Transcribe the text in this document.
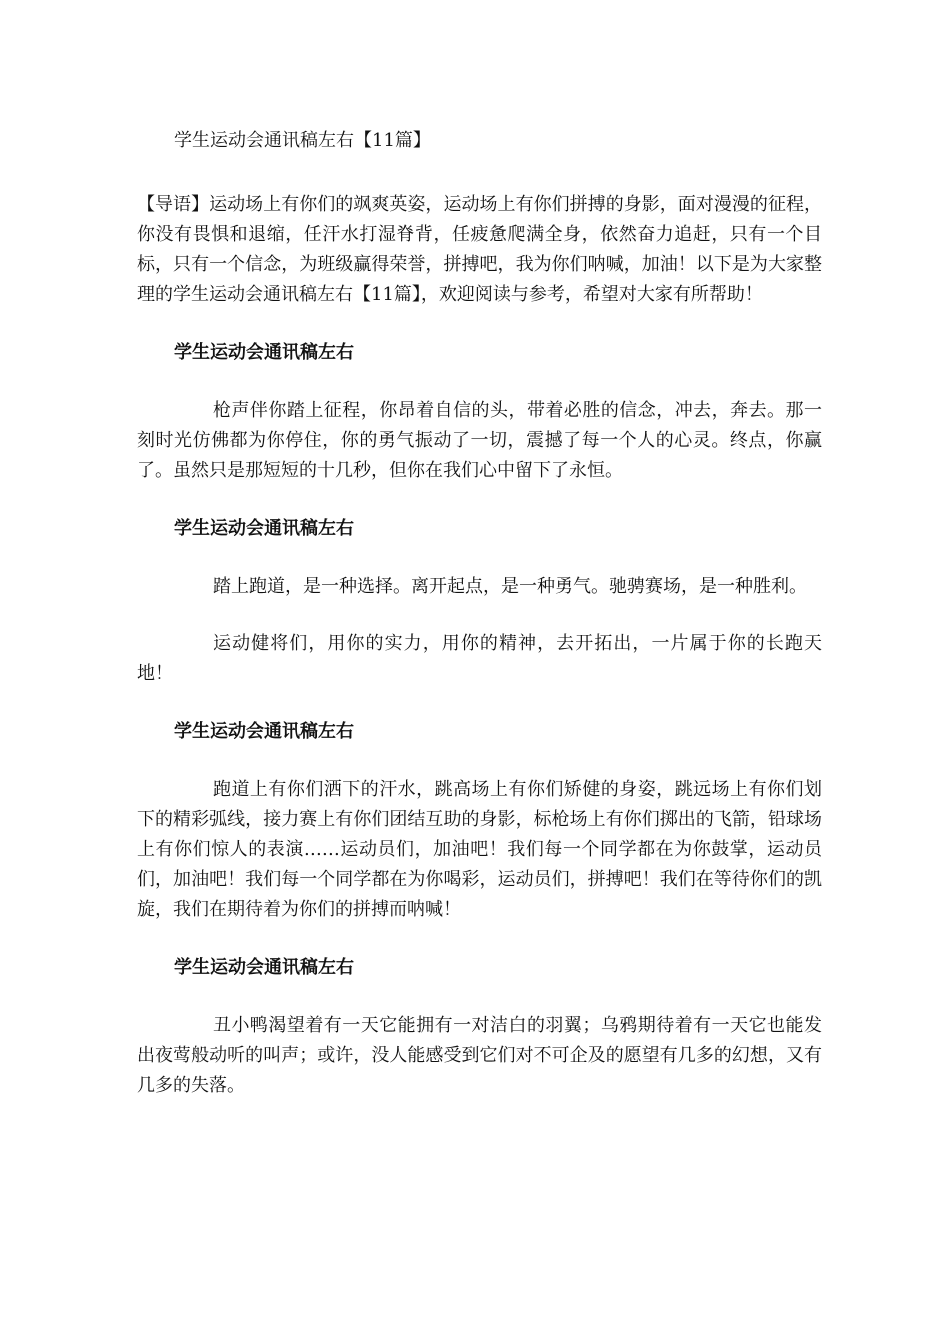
学生运动会通讯稿左右【11篇】

【导语】运动场上有你们的飒爽英姿，运动场上有你们拼搏的身影，面对漫漫的征程，你没有畏惧和退缩，任汗水打湿脊背，任疲惫爬满全身，依然奋力追赶，只有一个目标，只有一个信念，为班级赢得荣誉，拼搏吧，我为你们呐喊，加油！以下是为大家整理的学生运动会通讯稿左右【11篇】，欢迎阅读与参考，希望对大家有所帮助！

学生运动会通讯稿左右

枪声伴你踏上征程，你昂着自信的头，带着必胜的信念，冲去，奔去。那一刻时光仿佛都为你停住，你的勇气振动了一切，震撼了每一个人的心灵。终点，你赢了。虽然只是那短短的十几秒，但你在我们心中留下了永恒。

学生运动会通讯稿左右

踏上跑道，是一种选择。离开起点，是一种勇气。驰骋赛场，是一种胜利。

运动健将们，用你的实力，用你的精神，去开拓出，一片属于你的长跑天地！

学生运动会通讯稿左右

跑道上有你们洒下的汗水，跳高场上有你们矫健的身姿，跳远场上有你们划下的精彩弧线，接力赛上有你们团结互助的身影，标枪场上有你们掷出的飞箭，铅球场上有你们惊人的表演……运动员们，加油吧！我们每一个同学都在为你鼓掌，运动员们，加油吧！我们每一个同学都在为你喝彩，运动员们，拼搏吧！我们在等待你们的凯旋，我们在期待着为你们的拼搏而呐喊！

学生运动会通讯稿左右

丑小鸭渴望着有一天它能拥有一对洁白的羽翼；乌鸦期待着有一天它也能发出夜莺般动听的叫声；或许，没人能感受到它们对不可企及的愿望有几多的幻想，又有几多的失落。
